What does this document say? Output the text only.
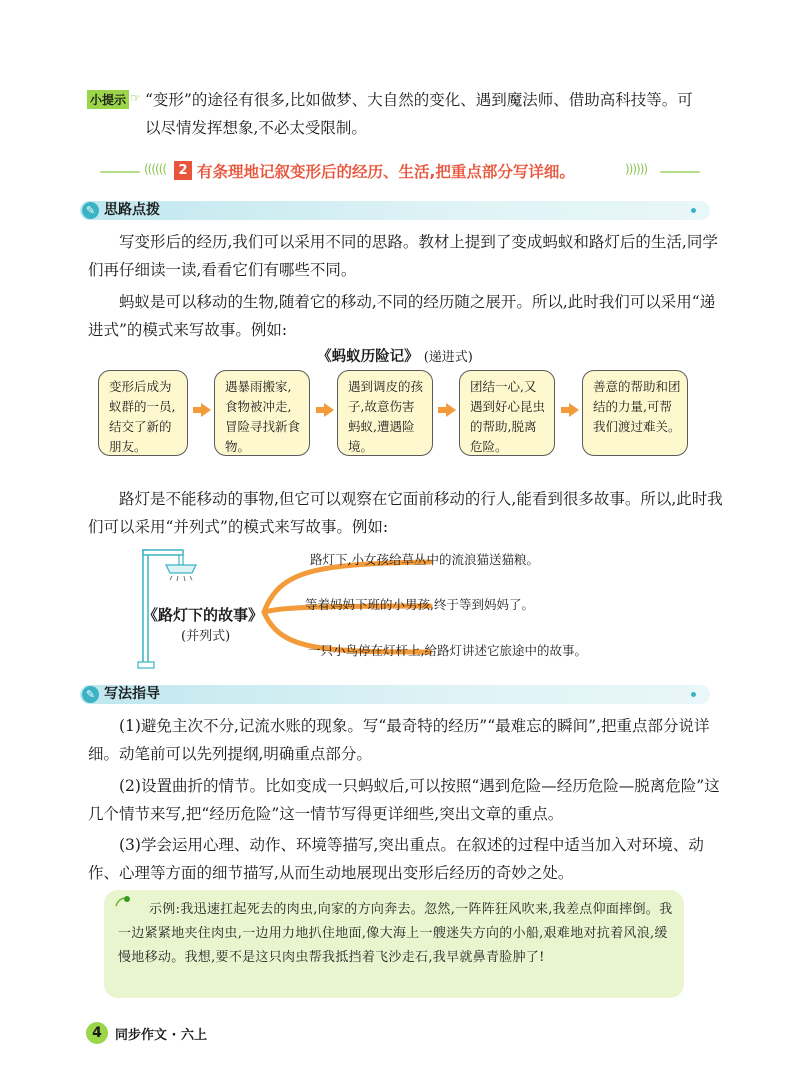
小提示 ☞ “变形”的途径有很多,比如做梦、大自然的变化、遇到魔法师、借助高科技等。可
以尽情发挥想象,不必太受限制。
(((((( 2 有条理地记叙变形后的经历、生活,把重点部分写详细。	))))))
✎ 思路点拨
写变形后的经历,我们可以采用不同的思路。教材上提到了变成蚂蚁和路灯后的生活,同学们再仔细读一读,看看它们有哪些不同。
蚂蚁是可以移动的生物,随着它的移动,不同的经历随之展开。所以,此时我们可以采用“递进式”的模式来写故事。例如:
《蚂蚁历险记》 (递进式)
变形后成为蚁群的一员,结交了新的朋友。
遇暴雨搬家,食物被冲走,冒险寻找新食物。
遇到调皮的孩子,故意伤害蚂蚁,遭遇险境。
团结一心,又遇到好心昆虫的帮助,脱离危险。
善意的帮助和团结的力量,可帮我们渡过难关。
路灯是不能移动的事物,但它可以观察在它面前移动的行人,能看到很多故事。所以,此时我们可以采用“并列式”的模式来写故事。例如:
路灯下,小女孩给草丛中的流浪猫送猫粮。
等着妈妈下班的小男孩,终于等到妈妈了。
一只小鸟停在灯杆上,给路灯讲述它旅途中的故事。
《路灯下的故事》
(并列式)
✎ 写法指导
(1)避免主次不分,记流水账的现象。写“最奇特的经历”“最难忘的瞬间”,把重点部分说详细。动笔前可以先列提纲,明确重点部分。
(2)设置曲折的情节。比如变成一只蚂蚁后,可以按照“遇到危险—经历危险—脱离危险”这几个情节来写,把“经历危险”这一情节写得更详细些,突出文章的重点。
(3)学会运用心理、动作、环境等描写,突出重点。在叙述的过程中适当加入对环境、动作、心理等方面的细节描写,从而生动地展现出变形后经历的奇妙之处。
示例:我迅速扛起死去的肉虫,向家的方向奔去。忽然,一阵阵狂风吹来,我差点仰面摔倒。我一边紧紧地夹住肉虫,一边用力地扒住地面,像大海上一艘迷失方向的小船,艰难地对抗着风浪,缓慢地移动。我想,要不是这只肉虫帮我抵挡着飞沙走石,我早就鼻青脸肿了!
4	同步作文 · 六上
